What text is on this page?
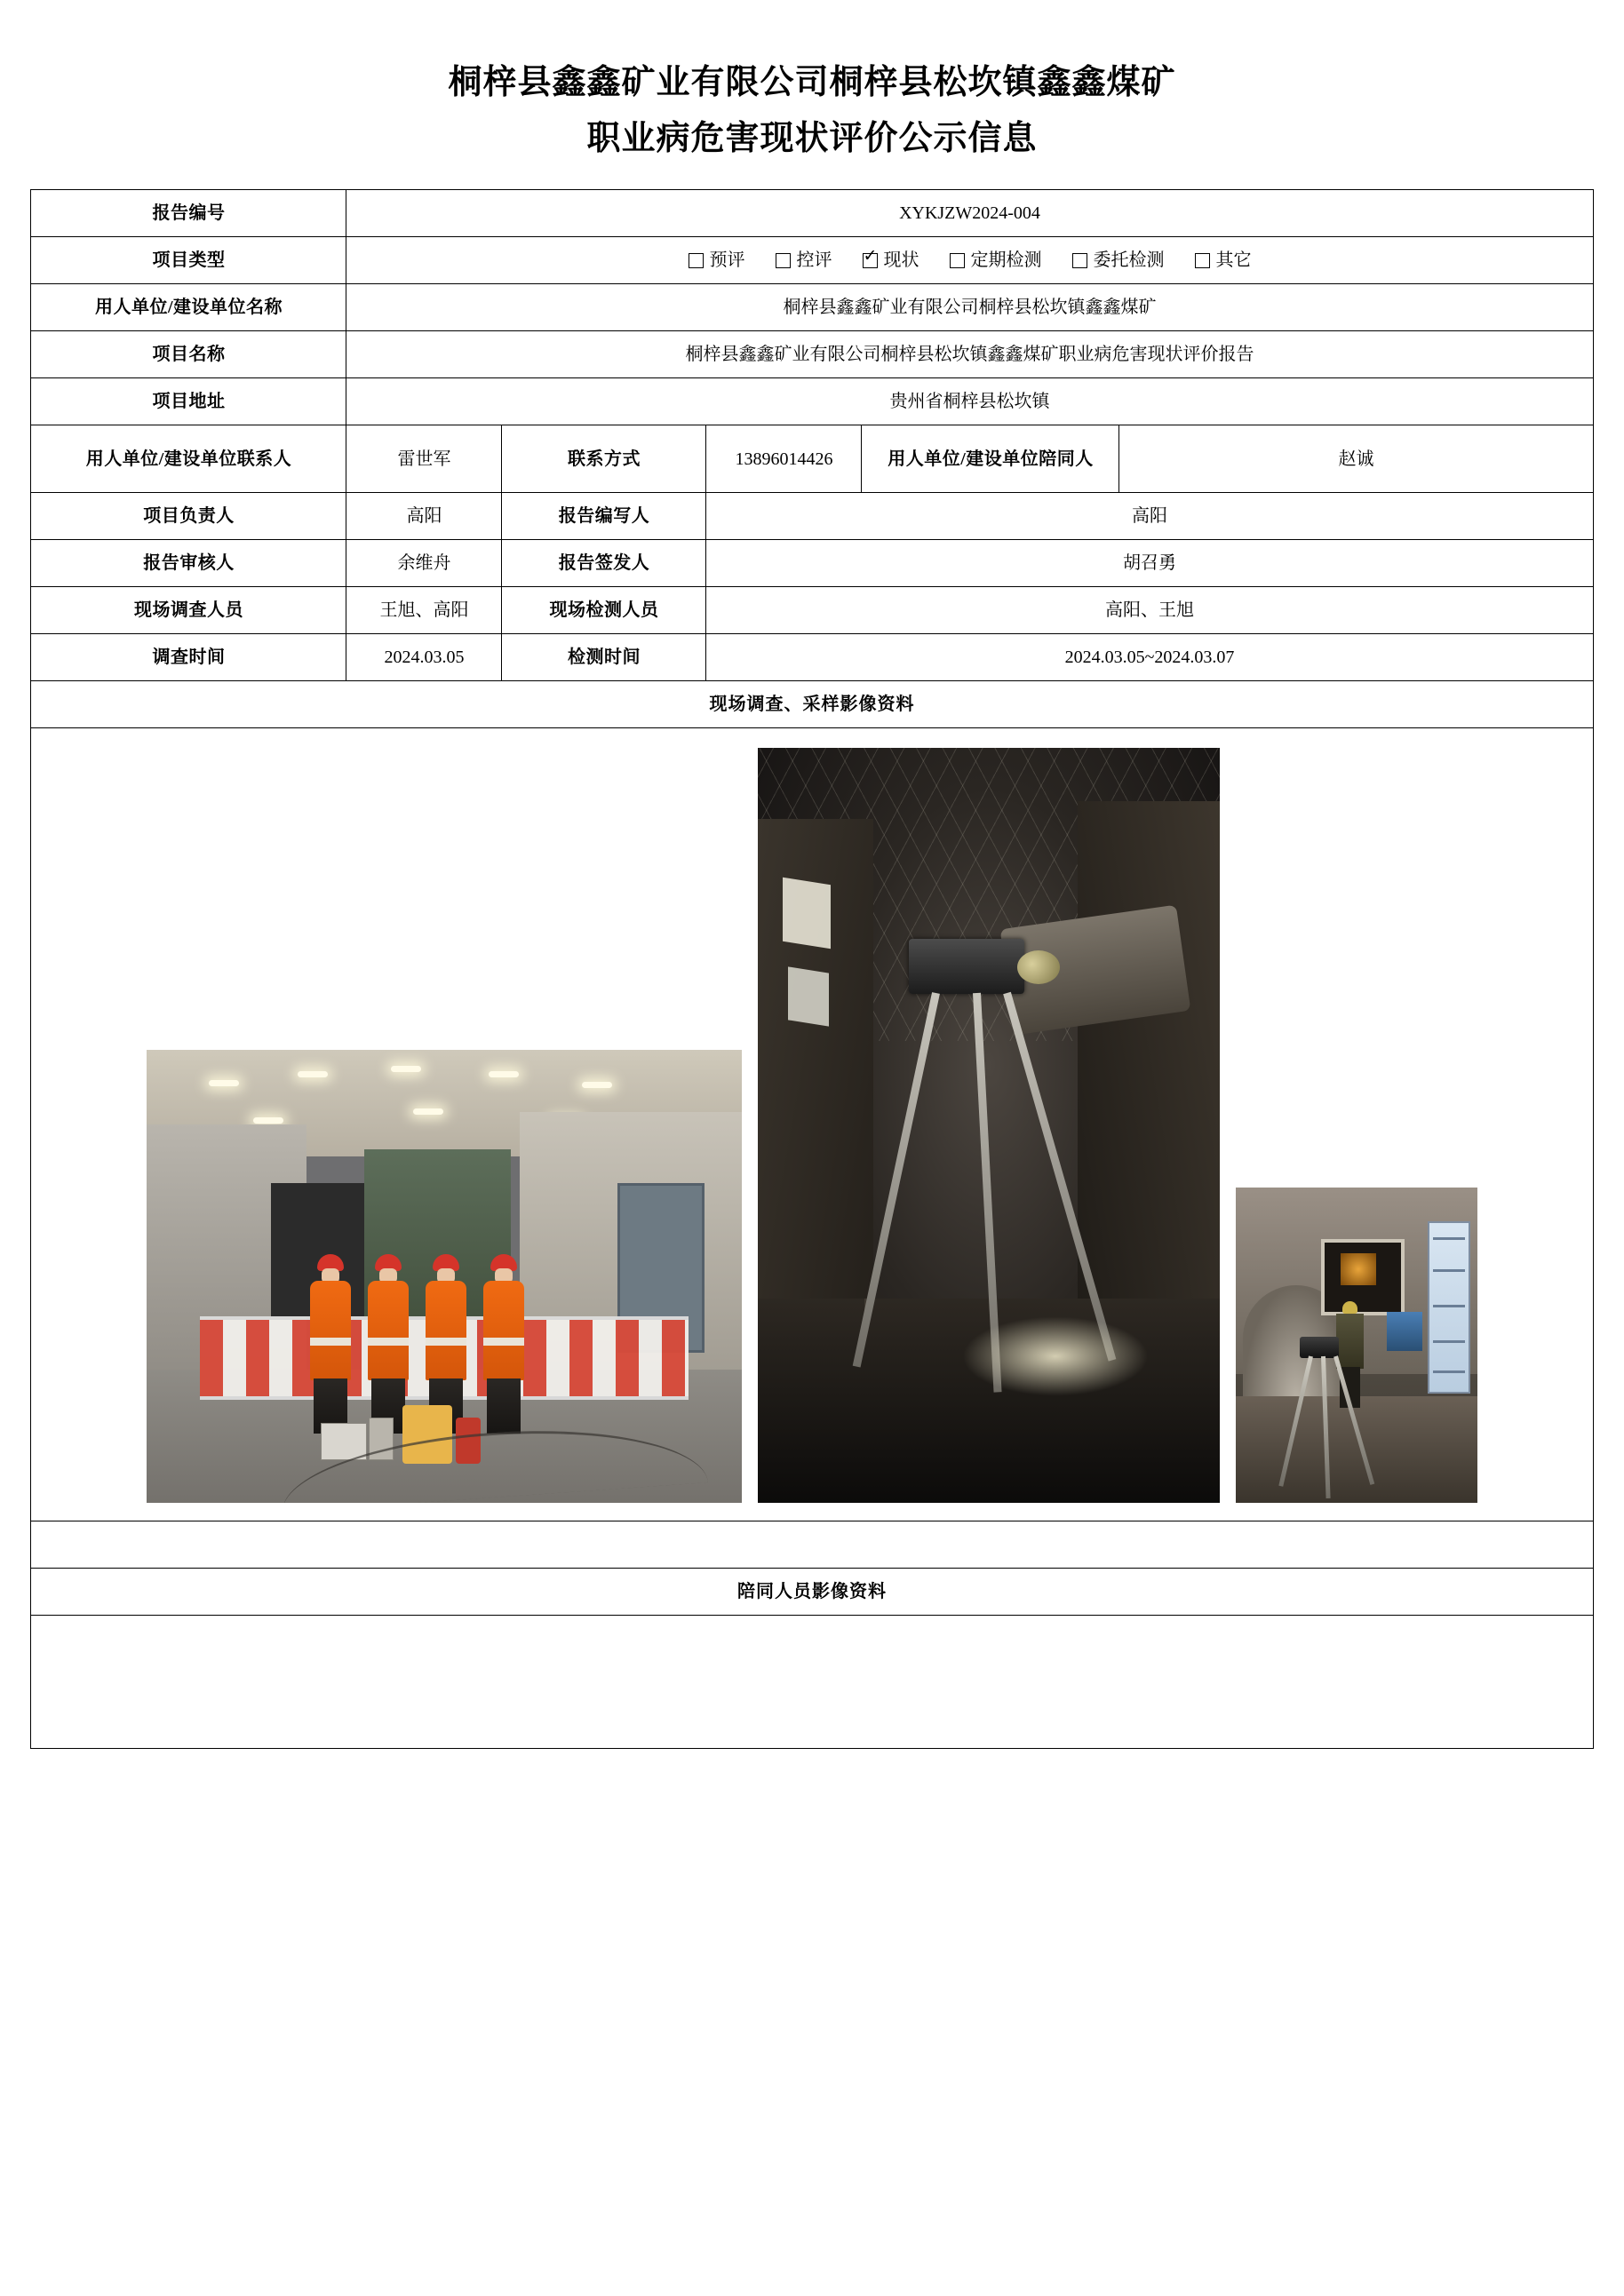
桐梓县鑫鑫矿业有限公司桐梓县松坎镇鑫鑫煤矿
职业病危害现状评价公示信息
报告编号	XYKJZW2024-004				
项目类型	预评	控评 ✓	现状	定期检测	委托检测	其它

用人单位/建设单位名称	桐梓县鑫鑫矿业有限公司桐梓县松坎镇鑫鑫煤矿				
项目名称	桐梓县鑫鑫矿业有限公司桐梓县松坎镇鑫鑫煤矿职业病危害现状评价报告				
项目地址	贵州省桐梓县松坎镇				
用人单位/建设单位联系人	雷世军	联系方式	13896014426	用人单位/建设单位陪同人	赵诚
项目负责人	高阳	报告编写人	高阳		
报告审核人	余维舟	报告签发人	胡召勇		
现场调查人员	王旭、高阳	现场检测人员	高阳、王旭		
调查时间	2024.03.05	检测时间	2024.03.05~2024.03.07		
现场调查、采样影像资料					

陪同人员影像资料					
